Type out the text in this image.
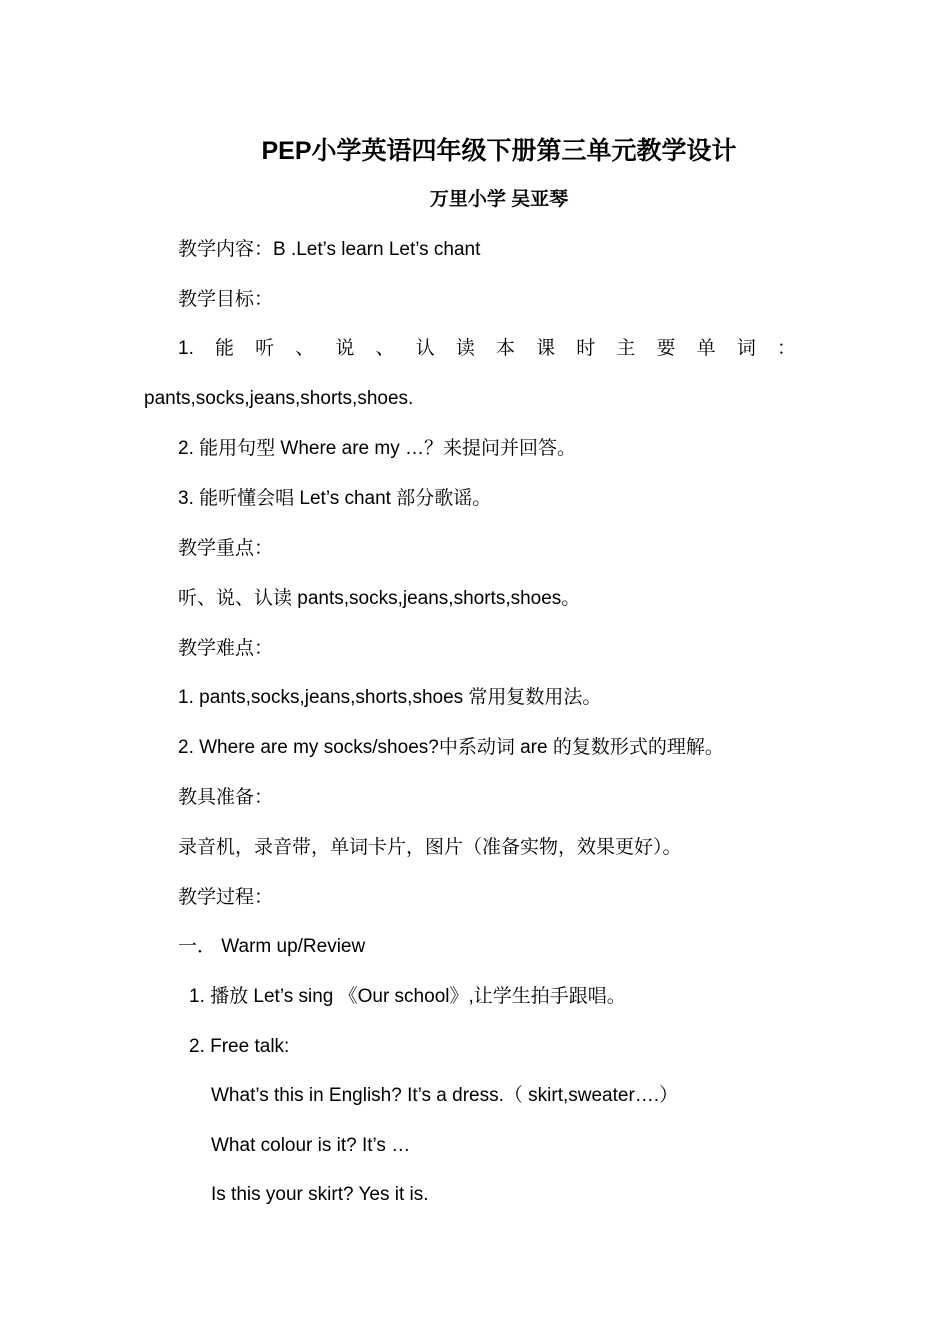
PEP小学英语四年级下册第三单元教学设计
万里小学 吴亚琴
教学内容：B .Let’s learn Let’s chant
教学目标：
1. 能 听 、 说 、 认 读 本 课 时 主 要 单 词 ：
pants,socks,jeans,shorts,shoes.
2. 能用句型 Where are my …？来提问并回答。
3. 能听懂会唱 Let’s chant 部分歌谣。
教学重点：
听、说、认读 pants,socks,jeans,shorts,shoes。
教学难点：
1. pants,socks,jeans,shorts,shoes 常用复数用法。
2. Where are my socks/shoes?中系动词 are 的复数形式的理解。
教具准备：
录音机，录音带，单词卡片，图片（准备实物，效果更好）。
教学过程：
一． Warm up/Review
1. 播放 Let’s sing 《Our school》,让学生拍手跟唱。
2. Free talk:
What’s this in English? It’s a dress.（ skirt,sweater….）
What colour is it? It’s …
Is this your skirt? Yes it is.
